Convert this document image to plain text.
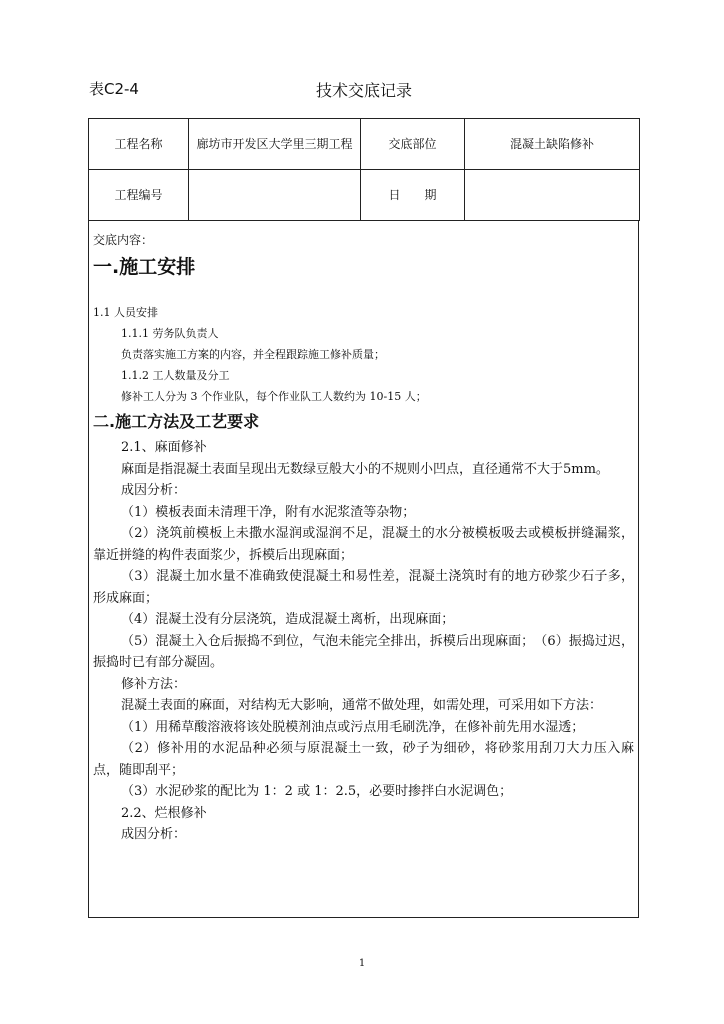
表C2-4	技术交底记录
工程名称	廊坊市开发区大学里三期工程	交底部位	混凝土缺陷修补
工程编号		日　　期	
交底内容：
一.施工安排
1.1 人员安排
1.1.1 劳务队负责人
负责落实施工方案的内容，并全程跟踪施工修补质量；
1.1.2 工人数量及分工
修补工人分为 3 个作业队，每个作业队工人数约为 10-15 人；
二.施工方法及工艺要求
2.1、麻面修补
麻面是指混凝土表面呈现出无数绿豆般大小的不规则小凹点，直径通常不大于5mm。
成因分析：
（1）模板表面未清理干净，附有水泥浆渣等杂物；
（2）浇筑前模板上未撒水湿润或湿润不足，混凝土的水分被模板吸去或模板拼缝漏浆，靠近拼缝的构件表面浆少，拆模后出现麻面；
（3）混凝土加水量不准确致使混凝土和易性差，混凝土浇筑时有的地方砂浆少石子多，形成麻面；
（4）混凝土没有分层浇筑，造成混凝土离析，出现麻面；
（5）混凝土入仓后振捣不到位，气泡未能完全排出，拆模后出现麻面；　（6）振捣过迟，振捣时已有部分凝固。
修补方法：
混凝土表面的麻面，对结构无大影响，通常不做处理，如需处理，可采用如下方法：
（1）用稀草酸溶液将该处脱模剂油点或污点用毛刷洗净，在修补前先用水湿透；
（2）修补用的水泥品种必须与原混凝土一致，砂子为细砂，将砂浆用刮刀大力压入麻点，随即刮平；
（3）水泥砂浆的配比为 1：2 或 1：2.5，必要时掺拌白水泥调色；
2.2、烂根修补
成因分析：
1
